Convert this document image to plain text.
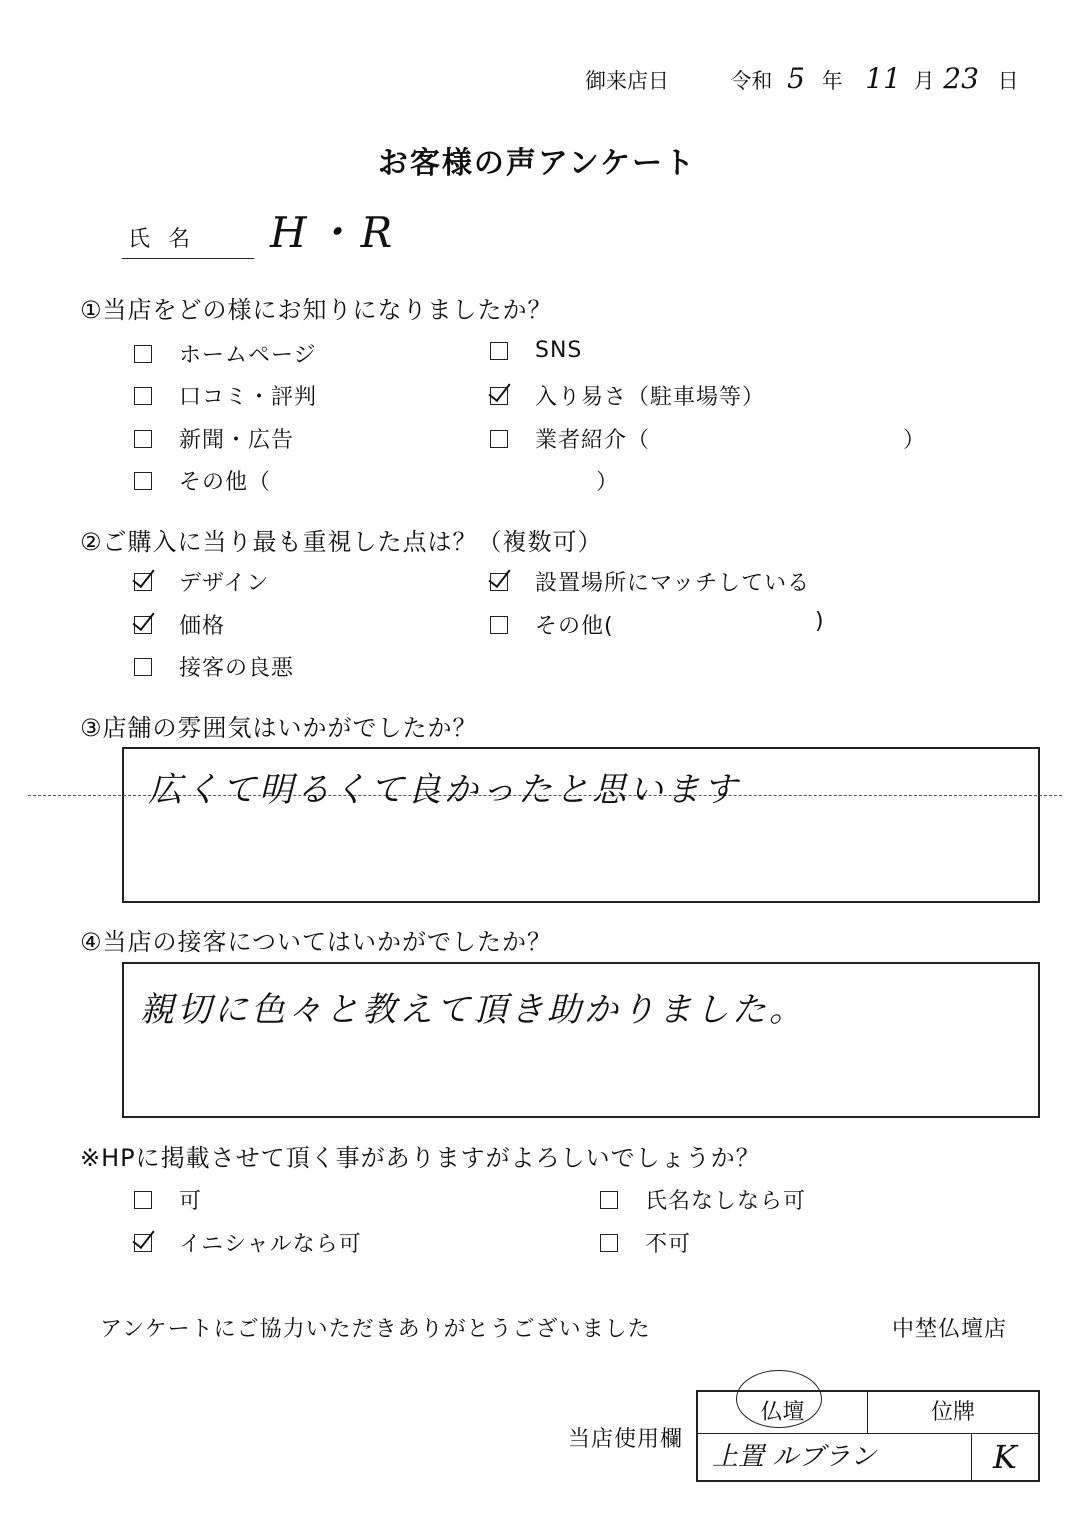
御来店日	令和 5 年 11 月 23 日
お客様の声アンケート
氏名 H・R
①当店をどの様にお知りになりましたか？
ホームページ	SNS
口コミ・評判	入り易さ（駐車場等）
新聞・広告	業者紹介（	）
その他（	）
②ご購入に当り最も重視した点は？（複数可）
デザイン	設置場所にマッチしている
価格	その他(	)
接客の良悪
③店舗の雰囲気はいかがでしたか？
広くて明るくて良かったと思います
④当店の接客についてはいかがでしたか？
親切に色々と教えて頂き助かりました。
※HPに掲載させて頂く事がありますがよろしいでしょうか？
可	氏名なしなら可
イニシャルなら可	不可
アンケートにご協力いただきありがとうございました	中埜仏壇店
当店使用欄
仏壇	位牌
上置 ルブラン	K
